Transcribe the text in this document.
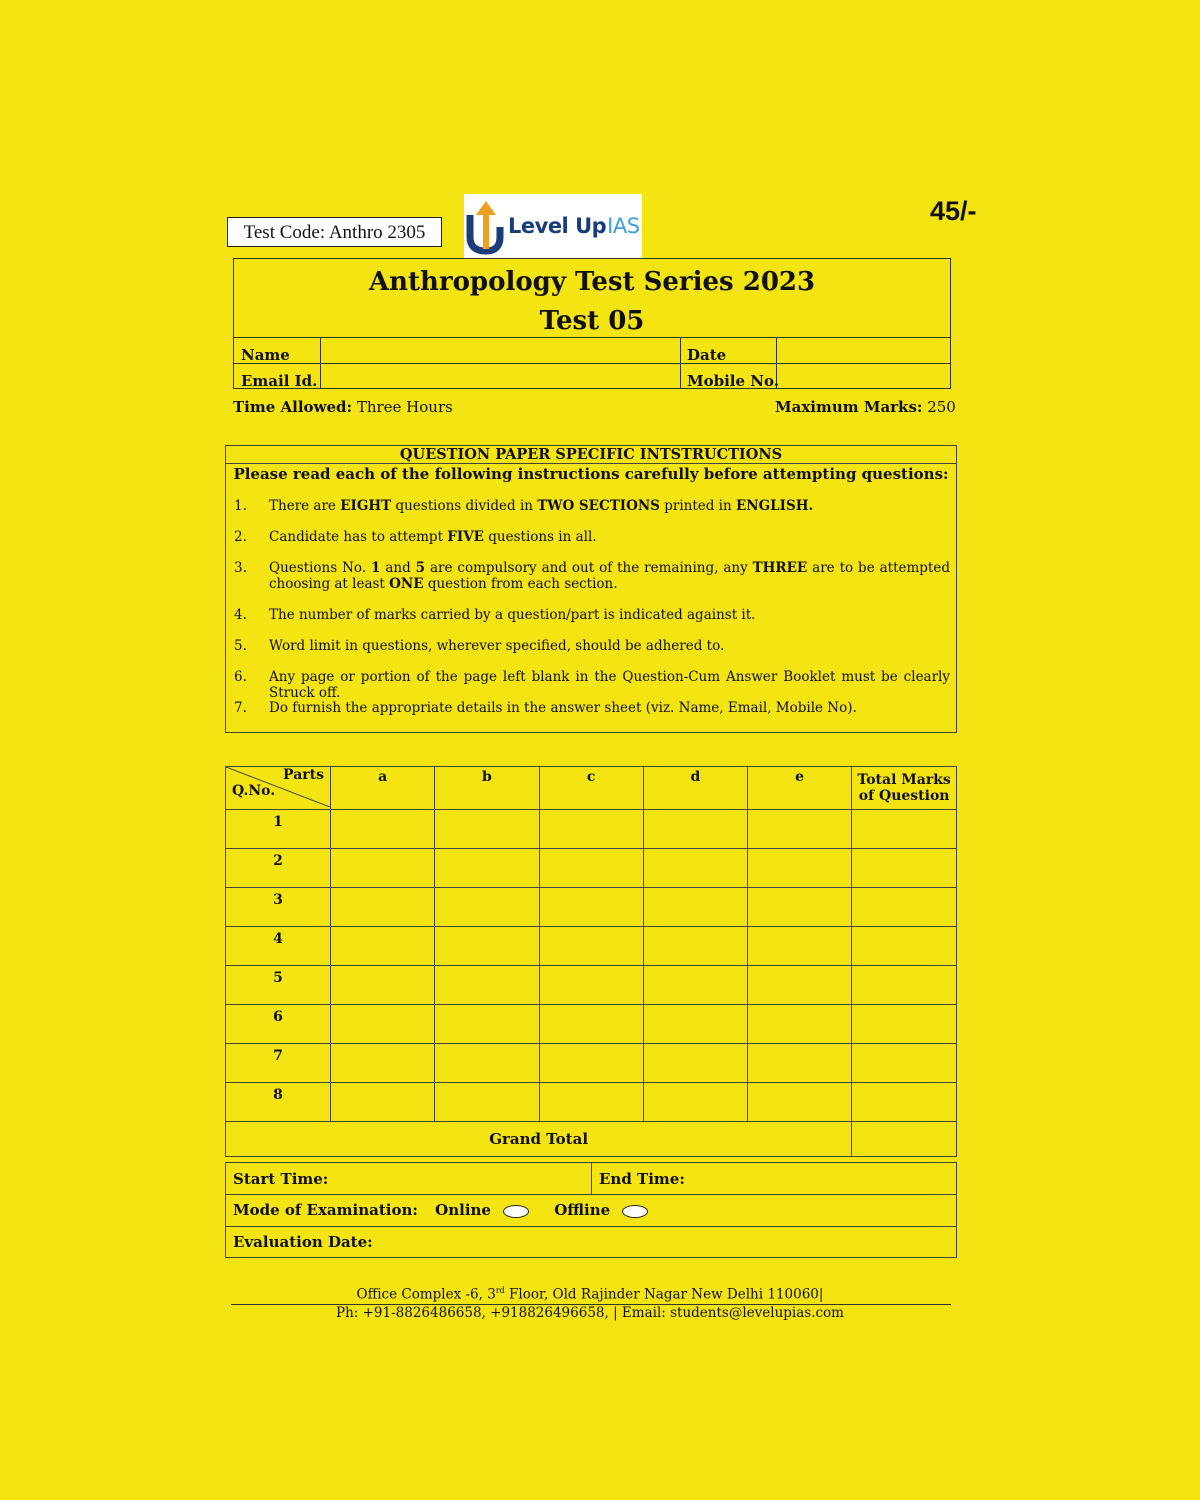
Test Code: Anthro 2305	Level Up IAS	45/-
Anthropology Test Series 2023
Test 05
Name	Date
Email Id.	Mobile No.
Time Allowed: Three Hours	Maximum Marks: 250
QUESTION PAPER SPECIFIC INTSTRUCTIONS
Please read each of the following instructions carefully before attempting questions:
1.	There are EIGHT questions divided in TWO SECTIONS printed in ENGLISH.
2.	Candidate has to attempt FIVE questions in all.
3.	Questions No. 1 and 5 are compulsory and out of the remaining, any THREE are to be attempted choosing at least ONE question from each section.
4.	The number of marks carried by a question/part is indicated against it.
5.	Word limit in questions, wherever specified, should be adhered to.
6.	Any page or portion of the page left blank in the Question-Cum Answer Booklet must be clearly Struck off.
7.	Do furnish the appropriate details in the answer sheet (viz. Name, Email, Mobile No).
Parts
Q.No.	a	b	c	d	e	Total Marks of Question
1						
2						
3						
4						
5						
6						
7						
8						
Grand Total						
Start Time:	End Time:
Mode of Examination: Online	Offline
Evaluation Date:
Office Complex -6, 3rd Floor, Old Rajinder Nagar New Delhi 110060|
Ph: +91-8826486658, +918826496658, | Email: students@levelupias.com
